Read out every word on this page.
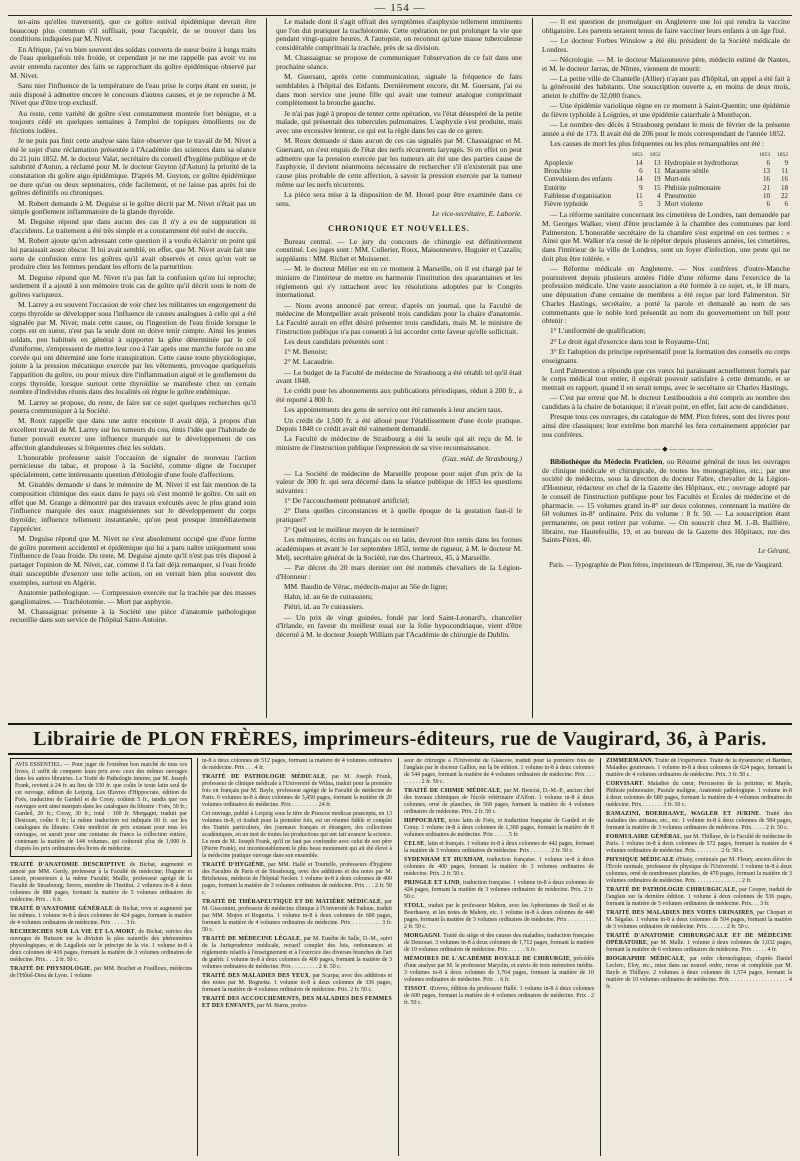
— 154 —

ter-ains qu'elles traversent), que ce goître estival épidémique devrait être beaucoup plus commun s'il suffisait, pour l'acquérir, de se trouver dans les conditions indiquées par M. Nivet.

En Afrique, j'ai vu bien souvent des soldats couverts de sueur boire à longs traits de l'eau quelquefois très froide, et cependant je ne me rappelle pas avoir vu ou avoir entendu raconter des faits se rapprochant du goître épidémique observé par M. Nivet.

Sans nier l'influence de la température de l'eau prise le corps étant en sueur, je suis disposé à admettre encore le concours d'autres causes, et je ne reproche à M. Nivet que d'être trop exclusif.

Au reste, cette variété de goître s'est constamment montrée fort bénigne, et a toujours cédé en quelques semaines à l'emploi de topiques émollients ou de frictions iodées.

Je ne puis pas finir cette analyse sans faire observer que le travail de M. Nivet a été le sujet d'une réclamation présentée à l'Académie des sciences dans sa séance du 21 juin 1852. M. le docteur Valat, secrétaire du conseil d'hygiène publique et de salubrité d'Autun, a réclamé pour M. le docteur Guyton (d'Autun) la priorité de la constatation du goître aigu épidémique. D'après M. Guyton, ce goître épidémique ne dure qu'un ou deux septenaires, cède facilement, et ne laisse pas après lui de goîtres définitifs ou chroniques.

M. Robert demande à M. Deguise si le goître décrit par M. Nivet n'était pas un simple gonflement inflammatoire de la glande thyroïde.

M. Deguise répond que dans aucun des cas il n'y a eu de suppuration ni d'accidents. Le traitement a été très simple et a constamment été suivi de succès.

M. Robert ajoute qu'en adressant cette question il a voulu éclaircir un point qui lui paraissait assez obscur. Il lui avait semblé, en effet, que M. Nivet avait fait une sorte de confusion entre les goîtres qu'il avait observés et ceux qu'on voit se produire chez les femmes pendant les efforts de la parturition.

M. Deguise répond que M. Nivet n'a pas fait la confusion qu'on lui reproche; seulement il a ajouté à son mémoire trois cas de goître qu'il décrit sous le nom de goîtres variqueux.

M. Larrey a eu souvent l'occasion de voir chez les militaires un engorgement du corps thyroïde se développer sous l'influence de causes analogues à celle qui a été signalée par M. Nivet; mais cette cause, ou l'ingestion de l'eau froide lorsque le corps est en sueur, n'est pas la seule dont on doive tenir compte. Ainsi les jeunes soldats, peu habitués en général à supporter la gêne déterminée par le col d'uniforme, s'empressent de mettre leur cou à l'air après une marche forcée ou une corvée qui ont déterminé une forte transpiration. Cette cause toute physiologique, jointe à la pression mécanique exercée par les vêtements, provoque quelquefois l'apparition du goître, ou pour mieux dire l'inflammation aiguë et le gonflement du corps thyroïde, lorsque surtout cette thyroïdite se manifeste chez un certain nombre d'individus réunis dans des localités où règne le goître endémique.

M. Larrey se propose, du reste, de faire sur ce sujet quelques recherches qu'il pourra communiquer à la Société.

M. Roux rappelle que dans une autre enceinte il avait déjà, à propos d'un excellent travail de M. Larrey sur les tumeurs du cou, émis l'idée que l'habitude de fumer pouvait exercer une influence marquée sur le développement de ces affection glanduleuses si fréquentes chez les soldats.

L'honorable professeur saisit l'occasion de signaler de nouveau l'action pernicieuse du tabac, et propose à la Société, comme digne de l'occuper spécialement, cette intéressante question d'étiologie d'une foule d'affections.

M. Giraldès demande si dans le mémoire de M. Nivet il est fait mention de la composition chimique des eaux dans le pays où s'est montré le goître. On sait en effet que M. Grange a démontré par des travaux exécutés avec le plus grand soin l'influence marquée des eaux magnésiennes sur le développement du corps thyroïde; influence tellement instantanée, qu'on peut presque immédiatement l'apprécier.

M. Deguise répond que M. Nivet ne s'est absolument occupé que d'une forme de goître purement accidentel et épidémique qui lui a paru naître uniquement sous l'influence de l'eau froide. Du reste, M. Deguise ajoute qu'il n'est pas très disposé à partager l'opinion de M. Nivet, car, comme il l'a fait déjà remarquer, si l'eau froide était susceptible d'exercer une telle action, on en verrait bien plus souvent des exemples, surtout en Algérie.

Anatomie pathologique. — Compression exercée sur la trachée par des masses ganglionaires. — Trachéotomie. — Mort par asphyxie.

M. Chassaignac présente à la Société une pièce d'anatomie pathologique recueillie dans son service de l'hôpital Saint-Antoine.

Le malade dont il s'agit offrait des symptômes d'asphyxie tellement imminents que l'on dut pratiquer la trachéotomie. Cette opération ne put prolonger la vie que pendant vingt-quatre heures. A l'autopsie, on reconnut qu'une masse tuberculeuse considérable comprimait la trachée, près de sa division.

M. Chassaignac se propose de communiquer l'observation de ce fait dans une prochaine séance.

M. Guersant, après cette communication, signale la fréquence de faits semblables à l'hôpital des Enfants. Dernièrement encore, dit M. Guersant, j'ai eu dans mon service une jeune fille qui avait une tumeur analogue comprimant complètement la bronche gauche.

Je n'ai pas jugé à propos de tenter cette opération, vu l'état désespéré de la petite malade, qui présentait des tubercules pulmonaires. L'asphyxie s'est produite, mais avec une excessive lenteur, ce qui est la règle dans les cas de ce genre.

M. Roux demande si dans aucun de ces cas signalés par M. Chassaignac et M. Guersant, on s'est enquis de l'état des nerfs récurrents laryngés. Si en effet on peut admettre que la pression exercée par les tumeurs ait été une des parties cause de l'asphyxie, il devient néanmoins nécessaire de rechercher s'il n'existerait pas une cause plus probable de cette affection, à savoir la pression exercée par la tumeur même sur les nerfs récurrents.

La pièce sera mise à la disposition de M. Houel pour être examinée dans ce sens.

Le vice-secrétaire, E. Laborie.
CHRONIQUE ET NOUVELLES.

Bureau central. — Le jury du concours de chirurgie est définitivement constitué. Les juges sont : MM. Cullerier, Roux, Maisonneuve, Huguier et Cazalis; suppléants : MM. Richet et Moissenet.

— M. le docteur Mélier est en ce moment à Marseille, où il est chargé par le ministre de l'intérieur de mettre en harmonie l'institution des quarantaines et les règlements qui s'y rattachent avec les résolutions adoptées par le Congrès international.

— Nous avons annoncé par erreur, d'après un journal, que la Faculté de médecine de Montpellier avait présenté trois candidats pour la chaire d'anatomie. La Faculté aurait en effet désiré présenter trois candidats, mais M. le ministre de l'instruction publique n'a pas consenti à lui accorder cette faveur qu'elle sollicitait.

Les deux candidats présentés sont :

1° M. Benoist;

2° M. Lacaudrie.

— Le budget de la Faculté de médecine de Strasbourg a été rétabli tel qu'il était avant 1848.

Le crédit pour les abonnements aux publications périodiques, réduit à 200 fr., a été reporté à 800 fr.

Les appointements des gens de service ont été ramenés à leur ancien taux.

Un crédit de 1,500 fr. a été alloué pour l'établissement d'une école pratique. Depuis 1848 ce crédit avait été vainement demandé.

La Faculté de médecine de Strasbourg a été la seule qui ait reçu de M. le ministre de l'instruction publique l'expression de sa vive reconnaissance.

(Gaz. méd. de Strasbourg.)

— La Société de médecine de Marseille propose pour sujet d'un prix de la valeur de 300 fr. qui sera décerné dans la séance publique de 1853 les questions suivantes :

1° De l'accouchement prématuré artificiel;

2° Dans quelles circonstances et à quelle époque de la gestation faut-il le pratiquer?

3° Quel est le meilleur moyen de le terminer?

Les mémoires, écrits en français ou en latin, devront être remis dans les formes académiques et avant le 1er septembre 1853, terme de rigueur, à M. le docteur M. Melj, secrétaire général de la Société, rue des Chartreux, 45, à Marseille.

— Par décret du 20 mars dernier ont été nommés chevaliers de la Légion-d'Honneur :

MM. Baudin de Vérac, médecin-major au 56e de ligne;

Hahn, id. au 6e de cuirassiers;

Piétri, id. au 7e cuirassiers.

— Un prix de vingt guinées, fondé par lord Saint-Leonard's, chancelier d'Irlande, en faveur du meilleur essai sur la folie hypocondriaque, vient d'être décerné à M. le docteur Joseph William par l'Académie de chirurgie de Dublin.

— Il est question de promulguer en Angleterre une loi qui rendra la vaccine obligatoire. Les parents seraient tenus de faire vacciner leurs enfants à un âge fixé.

— Le docteur Forbes Winslow a été élu président de la Société médicale de Londres.

— Nécrologie. — M. le docteur Maisonneuve père, médecin estimé de Nantes, et M. le docteur Jarras, de Nîmes, viennent de mourir.

— La petite ville de Chantelle (Allier) n'ayant pas d'hôpital, un appel a été fait à la générosité des habitants. Une souscription ouverte a, en moins de deux mois, atteint le chiffre de 32,000 francs.

— Une épidémie variolique règne en ce moment à Saint-Quentin; une épidémie de fièvre typhoïde à Loignies, et une épidémie catarrhale à Montluçon.

— Le nombre des décès à Strasbourg pendant le mois de février de la présente année a été de 173. Il avait été de 206 pour le mois correspondant de l'année 1852.

Les causes de mort les plus fréquentes ou les plus remarquables ont été :

	1853	1852		1853	1852
Apoplexie	14	13	Hydropisie et hydrothorax	6	9
Bronchite	6	11	Marasme sénile	13	11
Convulsions des enfants	14	19	Mort-nés	16	16
Entérite	9	15	Phthisie pulmonaire	21	18
Faiblesse d'organisation	11	4	Pneumonie	10	22
Fièvre typhoïde	5	3	Mort violente	6	6

— La réforme sanitaire concernant les cimetières de Londres, tant demandée par M. Georges Walker, vient d'être proclamée à la chambre des communes par lord Palmerston. L'honorable secrétaire de la chambre s'est exprimé en ces termes : « Ainsi que M. Walker n'a cessé de le répéter depuis plusieurs années, les cimetières, dans l'intérieur de la ville de Londres, sont un foyer d'infection, une peste qui ne doit plus être tolérée. »

— Réforme médicale en Angleterre. — Nos confrères d'outre-Manche poursuivent depuis plusieurs années l'idée d'une réforme dans l'exercice de la profession médicale. Une vaste association a été formée à ce sujet, et, le 18 mars, une députation d'une centaine de membres a été reçue par lord Palmerston. Sir Charles Hastings, secrétaire, a porté la parole et demandé au nom de ses commettants que le noble lord présentât au nom du gouvernement un bill pour obtenir :

1° L'uniformité de qualification;

2° Le droit égal d'exercice dans tout le Royaume-Uni;

3° Et l'adoption du principe représentatif pour la formation des conseils ou corps enseignants.

Lord Palmerston a répondu que ces vœux lui paraissant actuellement formés par le corps médical tout entier, il espérait pouvoir satisfaire à cette demande, et se mettrait en rapport, quand il en serait temps, avec le secrétaire sir Charles Hastings.

— C'est par erreur que M. le docteur Lestiboudois a été compris au nombre des candidats à la chaire de botanique; il n'avait point, en effet, fait acte de candidature.

Presque tous ces ouvrages, du catalogue de MM. Plon frères, sont des livres pour ainsi dire classiques; leur extrême bon marché les fera certainement apprécier par nos confrères.

—————◆—————

Bibliothèque du Médecin Praticien, ou Résumé général de tous les ouvrages de clinique médicale et chirurgicale, de toutes les monographies, etc.; par une société de médecins, sous la direction du docteur Fabre, chevalier de la Légion-d'Honneur, rédacteur en chef de la Gazette des Hôpitaux, etc.; ouvrage adopté par le conseil de l'instruction publique pour les Facultés et Écoles de médecine et de pharmacie. — 15 volumes grand in-8° sur deux colonnes, contenant la matière de 60 volumes in-8° ordinaire. Prix du volume : 8 fr. 50. — La souscription étant permanente, on peut retirer par volume. — On souscrit chez M. J.-B. Baillière, libraire, rue Hautefeuille, 19, et au bureau de la Gazette des Hôpitaux, rue des Saints-Pères, 40.

Le Gérant,
Paris. — Typographie de Plon frères, imprimeurs de l'Empereur, 36, rue de Vaugirard.
Librairie de PLON FRÈRES, imprimeurs-éditeurs, rue de Vaugirard, 36, à Paris.
AVIS ESSENTIEL. — Pour juger de l'extrême bon marché de tous ces livres, il suffit de comparer leurs prix avec ceux des mêmes ouvrages dans les autres librairies. Le Traité de Pathologie interne, par M. Joseph Frank, revient à 24 fr. au lieu de 150 fr. que coûte le texte latin seul de cet ouvrage, édition de Leipzig. Les Œuvres d'Hippocrate, édition de Foës, traduction de Gardeil et de Coray, coûtent 5 fr., tandis que ces ouvrages sont ainsi marqués dans les catalogues du libraire : Foës, 50 fr.; Gardeil, 20 fr.; Coray, 30 fr.; total : 100 fr. Morgagni, traduit par Destouet, coûte 6 fr.; la même traduction est indiquée 60 fr. sur les catalogues du libraire. Cette modicité de prix existant pour tous les ouvrages, on aurait pour une centaine de francs la collection entière, contenant la matière de 144 volumes, qui coûterait plus de 1,000 fr. d'après les prix ordinaires des livres de médecine.

TRAITÉ D'ANATOMIE DESCRIPTIVE de Bichat, augmenté et annoté par MM. Gerdy, professeur à la Faculté de médecine; Huguier et Lenoir, prosecteurs à la même Faculté; Maille, professeur agrégé de la Faculté de Strasbourg; Serres, membre de l'Institut. 2 volumes in-8 à deux colonnes de 888 pages, formant la matière de 5 volumes ordinaires de médecine. Prix . . 6 fr.

TRAITÉ D'ANATOMIE GÉNÉRALE de Bichat, revu et augmenté par les mêmes. 1 volume in-8 à deux colonnes de 424 pages, formant la matière de 4 volumes ordinaires de médecine. Prix . . . . . 3 fr.

RECHERCHES SUR LA VIE ET LA MORT, de Bichat; suivies des ouvrages de Buisson sur la division la plus naturelle des phénomènes physiologiques, et de Legallois sur le principe de la vie. 1 volume in-8 à deux colonnes de 416 pages, formant la matière de 3 volumes ordinaires de médecine. Prix . . . 2 fr. 50 c.

TRAITÉ DE PHYSIOLOGIE, par MM. Brachet et Fouilloux, médecins de l'Hôtel-Dieu de Lyon. 1 volume

in-8 à deux colonnes de 512 pages, formant la matière de 4 volumes ordinaires de médecine. Prix . . . 4 fr.

TRAITÉ DE PATHOLOGIE MÉDICALE, par M. Joseph Frank, professeur de clinique médicale à l'Université de Wilna, traduit pour la première fois en français par M. Bayle, professeur agrégé de la Faculté de médecine de Paris. 6 volumes in-8 à deux colonnes de 3,450 pages, formant la matière de 20 volumes ordinaires de médecine. Prix . . . . . . . . . 24 fr.

Cet ouvrage, publié à Leipzig sous le titre de Praxeos medicae praecepta, en 13 volumes in-8, et traduit pour la première fois, est un résumé fidèle et complet des Traités particuliers, des journaux français et étrangers, des collections académiques, en un mot de toutes les productions qui ont fait avancer la science. Le nom de M. Joseph Frank, qu'il ne faut pas confondre avec celui de son père (Pierre Frank), est incontestablement le plus beau monument qui ait été élevé à la médecine pratique ouvrage dans son ensemble.

TRAITÉ D'HYGIÈNE, par MM. Hallé et Tourtelle, professeurs d'hygiène des Facultés de Paris et de Strasbourg, avec des additions et des notes par M. Bricheteau, médecin de l'hôpital Necker. 1 volume in-8 à deux colonnes de 400 pages, formant la matière de 3 volumes ordinaires de médecine. Prix . . . 2 fr. 50 c.

TRAITÉ DE THÉRAPEUTIQUE ET DE MATIÈRE MÉDICALE, par M. Giacomini, professeur de médecine clinique à l'Université de Padoue, traduit par MM. Mojon et Rognetta. 1 volume in-8 à deux colonnes de 600 pages, formant la matière de 4 volumes ordinaires de médecine. Prix . . . . . . . . . 3 fr. 50 c.

TRAITÉ DE MÉDECINE LÉGALE, par M. Eusèbe de Salle, D.-M., suivi de la Jurisprudence médicale, recueil complet des lois, ordonnances et règlements relatifs à l'enseignement et à l'exercice des diverses branches de l'art de guérir. 1 volume in-8 à deux colonnes de 400 pages, formant la matière de 3 volumes ordinaires de médecine. Prix . . . . . . . . . 2 fr. 50 c.

TRAITÉ DES MALADIES DES YEUX, par Scarpa; avec des additions et des notes par M. Rognetta. 1 volume in-8 à deux colonnes de 336 pages, formant la matière de 4 volumes ordinaires de médecine. Prix. 2 fr. 50 c.

TRAITÉ DES ACCOUCHEMENTS, DES MALADIES DES FEMMES ET DES ENFANTS, par M. Burns, profes-

seur de chirurgie à l'Université de Glascow, traduit pour la première fois de l'anglais par le docteur Galliot, sur la 9e édition. 1 volume in-8 à deux colonnes de 544 pages, formant la matière de 4 volumes ordinaires de médecine. Prix . . . . . . . . . 2 fr. 50 c.

TRAITÉ DE CHIMIE MÉDICALE, par M. Benoist, D.-M.-P., ancien chef des travaux chimiques de l'école vétérinaire d'Alfort. 1 volume in-8 à deux colonnes, orné de planches, de 568 pages, formant la matière de 4 volumes ordinaires de médecine. Prix. 2 fr. 50 c.

HIPPOCRATE, texte latin de Foës, et traduction française de Gardeil et de Coray. 1 volume in-8 à deux colonnes de 1,360 pages, formant la matière de 8 volumes ordinaires de médecine. Prix . . . . . 5 fr.

CELSE, latin et français. 1 volume in-8 à deux colonnes de 442 pages, formant la matière de 3 volumes ordinaires de médecine. Prix . . . . . . . 2 fr. 50 c.

SYDENHAM ET HUXHAM, traduction française. 1 volume in-8 à deux colonnes de 400 pages, formant la matière de 3 volumes ordinaires de médecine. Prix. 2 fr. 50 c.

PRINGLE ET LIND, traduction française. 1 volume in-8 à deux colonnes de 424 pages, formant la matière de 3 volumes ordinaires de médecine. Prix. 2 fr. 50 c.

STOLL, traduit par le professeur Mahon, avec les Aphorismes de Stoll et de Boerhaave, et les notes de Mahon, etc. 1 volume in-8 à deux colonnes de 440 pages, formant la matière de 3 volumes ordinaires de médecine. Prix . . . . . . . . . 2 fr. 50 c.

MORGAGNI. Traité du siège et des causes des maladies, traduction française de Destouet. 3 volumes in-8 à deux colonnes de 1,712 pages, formant la matière de 10 volumes ordinaires de médecine. Prix . . . . . . 6 fr.

MÉMOIRES DE L'ACADÉMIE ROYALE DE CHIRURGIE, précédés d'une analyse par M. le professeur Marjolin, et suivis de trois mémoires inédits. 3 volumes in-8 à deux colonnes de 1,764 pages, formant la matière de 10 volumes ordinaires de médecine. Prix . . 6 fr.

TISSOT. Œuvres, édition du professeur Hallé. 1 volume in-8 à deux colonnes de 600 pages, formant la matière de 4 volumes ordinaires de médecine. Prix . 2 fr. 50 c.

ZIMMERMANN. Traité de l'expérience. Traité de la dysenterie; et Barthez, Maladies goutteuses. 1 volume in-8 à deux colonnes de 624 pages, formant la matière de 4 volumes ordinaires de médecine. Prix. 3 fr. 50 c.

CORVISART. Maladies du cœur, Percussion de la poitrine; et Mayle, Phthisie pulmonaire, Pustule maligne, Anatomie pathologique. 1 volume in-8 à deux colonnes de 680 pages, formant la matière de 4 volumes ordinaires de médecine. Prix . . . . . . . 3 fr. 50 c.

RAMAZINI, BOERHAAVE, WAGLER ET JURINE. Traité des maladies des artisans, etc., etc. 1 volume in-8 à deux colonnes de 584 pages, formant la matière de 3 volumes ordinaires de médecine. Prix. . . . . 2 fr. 50 c.

FORMULAIRE GÉNÉRAL, par M. Thillaye, de la Faculté de médecine de Paris. 1 volume in-8 à deux colonnes de 572 pages, formant la matière de 4 volumes ordinaires de médecine. Prix. . . . . . . . . 2 fr. 50 c.

PHYSIQUE MÉDICALE d'Haüy, continuée par M. Fleury, ancien élève de l'École normale, professeur de physique de l'Université. 1 volume in-8 à deux colonnes, orné de nombreuses planches, de 470 pages, formant la matière de 3 volumes ordinaires de médecine. Prix. . . . . . . . . . . . . . . . 2 fr.

TRAITÉ DE PATHOLOGIE CHIRURGICALE, par Cooper, traduit de l'anglais sur la dernière édition. 1 volume à deux colonnes de 536 pages, formant la matière de 5 volumes ordinaires de médecine. Prix. . . 3 fr.

TRAITÉ DES MALADIES DES VOIES URINAIRES, par Chopart et M. Ségalas. 1 volume in-8 à deux colonnes de 504 pages, formant la matière de 3 volumes ordinaires de médecine. Prix. . . . . . . 2 fr. 50 c.

TRAITÉ D'ANATOMIE CHIRURGICALE ET DE MÉDECINE OPÉRATOIRE, par M. Malle. 1 volume à deux colonnes de 1,032 pages, formant la matière de 6 volumes ordinaires de médecine. Prix . . . . . 4 fr.

BIOGRAPHIE MÉDICALE, par ordre chronologique, d'après Daniel Leclerc, Eloy, etc., mise dans un nouvel ordre, revue et complétée par M. Bayle et Thillaye. 2 volumes à deux colonnes de 1,574 pages, formant la matière de 10 volumes ordinaires de médecine. Prix. . . . . . . . . . . . . . . . . . . . 4 fr.
